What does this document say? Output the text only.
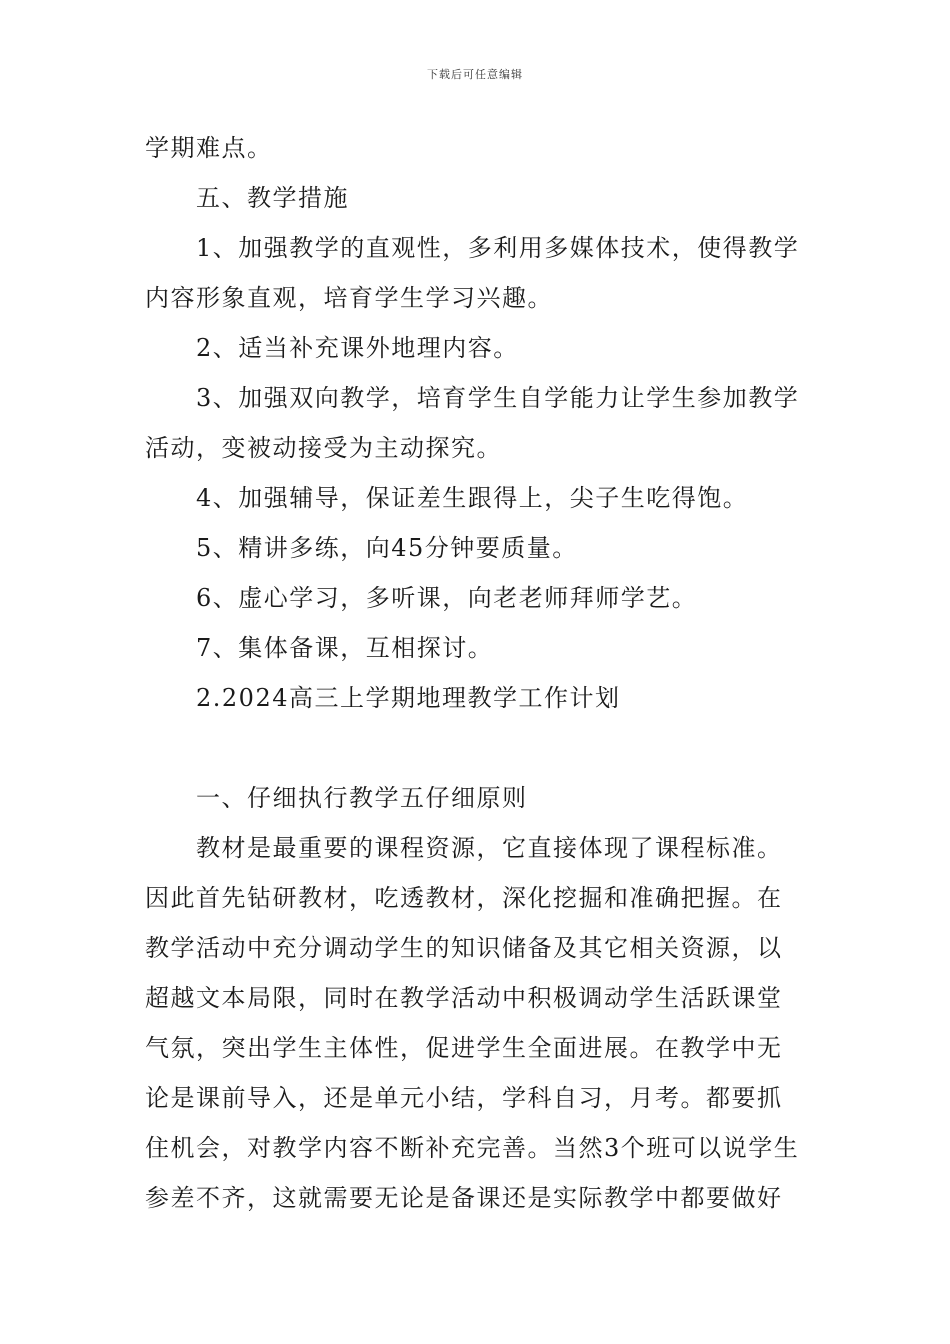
下载后可任意编辑
学期难点。
五、教学措施
1、加强教学的直观性，多利用多媒体技术，使得教学
内容形象直观，培育学生学习兴趣。
2、适当补充课外地理内容。
3、加强双向教学，培育学生自学能力让学生参加教学
活动，变被动接受为主动探究。
4、加强辅导，保证差生跟得上，尖子生吃得饱。
5、精讲多练，向45分钟要质量。
6、虚心学习，多听课，向老老师拜师学艺。
7、集体备课，互相探讨。
2.2024高三上学期地理教学工作计划
一、仔细执行教学五仔细原则
教材是最重要的课程资源，它直接体现了课程标准。
因此首先钻研教材，吃透教材，深化挖掘和准确把握。在
教学活动中充分调动学生的知识储备及其它相关资源，以
超越文本局限，同时在教学活动中积极调动学生活跃课堂
气氛，突出学生主体性，促进学生全面进展。在教学中无
论是课前导入，还是单元小结，学科自习，月考。都要抓
住机会，对教学内容不断补充完善。当然3个班可以说学生
参差不齐，这就需要无论是备课还是实际教学中都要做好
